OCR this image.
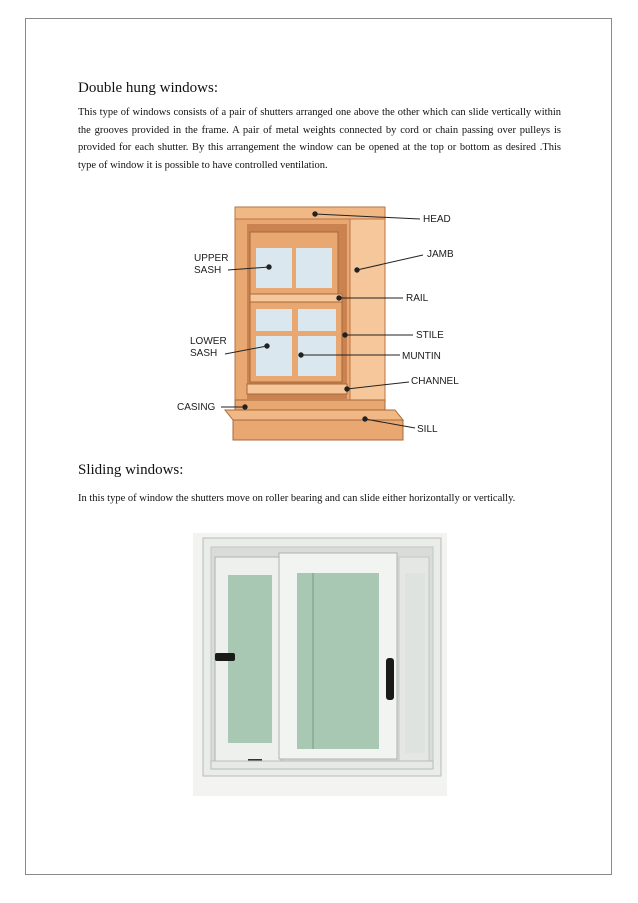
Double hung windows:

This type of windows consists of a pair of shutters arranged one above the other which can slide vertically within the grooves provided in the frame. A pair of metal weights connected by cord or chain passing over pulleys is provided for each shutter. By this arrangement the window can be opened at the top or bottom as desired .This type of window it is possible to have controlled ventilation.

HEAD
JAMB
UPPER
SASH
RAIL
LOWER
SASH
STILE
MUNTIN
CHANNEL
CASING
SILL
Sliding windows:

In this type of window the shutters move on roller bearing and can slide either horizontally or vertically.
